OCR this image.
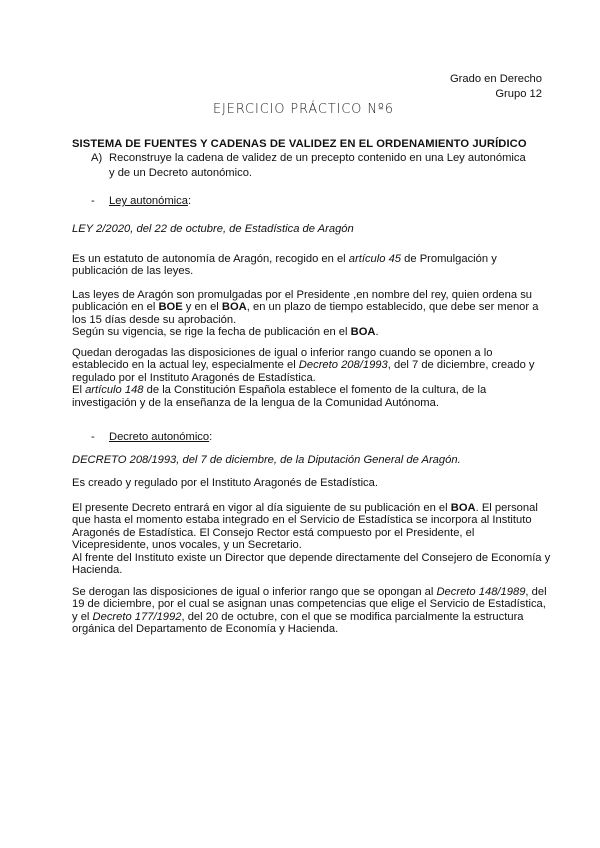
Grado en Derecho
Grupo 12
EJERCICIO PRÁCTICO Nº6
SISTEMA DE FUENTES Y CADENAS DE VALIDEZ EN EL ORDENAMIENTO JURÍDICO
A) Reconstruye la cadena de validez de un precepto contenido en una Ley autonómica
y de un Decreto autonómico.
- Ley autonómica:
LEY 2/2020, del 22 de octubre, de Estadística de Aragón

Es un estatuto de autonomía de Aragón, recogido en el artículo 45 de Promulgación y publicación de las leyes.

Las leyes de Aragón son promulgadas por el Presidente ,en nombre del rey, quien ordena su publicación en el BOE y en el BOA, en un plazo de tiempo establecido, que debe ser menor a los 15 días desde su aprobación.

Según su vigencia, se rige la fecha de publicación en el BOA.

Quedan derogadas las disposiciones de igual o inferior rango cuando se oponen a lo establecido en la actual ley, especialmente el Decreto 208/1993, del 7 de diciembre, creado y regulado por el Instituto Aragonés de Estadística.

El artículo 148 de la Constitución Española establece el fomento de la cultura, de la investigación y de la enseñanza de la lengua de la Comunidad Autónoma.

- Decreto autonómico:
DECRETO 208/1993, del 7 de diciembre, de la Diputación General de Aragón.
Es creado y regulado por el Instituto Aragonés de Estadística.

El presente Decreto entrará en vigor al día siguiente de su publicación en el BOA. El personal que hasta el momento estaba integrado en el Servicio de Estadística se incorpora al Instituto Aragonés de Estadística. El Consejo Rector está compuesto por el Presidente, el Vicepresidente, unos vocales, y un Secretario.

Al frente del Instituto existe un Director que depende directamente del Consejero de Economía y Hacienda.

Se derogan las disposiciones de igual o inferior rango que se opongan al Decreto 148/1989, del 19 de diciembre, por el cual se asignan unas competencias que elige el Servicio de Estadística, y el Decreto 177/1992, del 20 de octubre, con el que se modifica parcialmente la estructura orgánica del Departamento de Economía y Hacienda.
